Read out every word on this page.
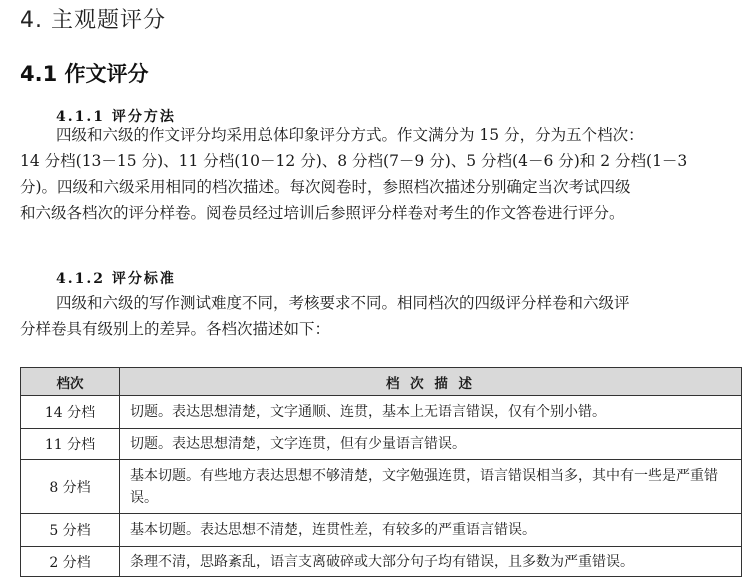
4. 主观题评分
4.1 作文评分
4.1.1 评分方法
四级和六级的作文评分均采用总体印象评分方式。作文满分为 15 分，分为五个档次：
14 分档(13－15 分)、11 分档(10－12 分)、8 分档(7－9 分)、5 分档(4－6 分)和 2 分档(1－3
分)。四级和六级采用相同的档次描述。每次阅卷时，参照档次描述分别确定当次考试四级
和六级各档次的评分样卷。阅卷员经过培训后参照评分样卷对考生的作文答卷进行评分。
4.1.2 评分标准
四级和六级的写作测试难度不同，考核要求不同。相同档次的四级评分样卷和六级评
分样卷具有级别上的差异。各档次描述如下：
档次	档 次 描 述
14 分档	切题。表达思想清楚，文字通顺、连贯，基本上无语言错误，仅有个别小错。
11 分档	切题。表达思想清楚，文字连贯，但有少量语言错误。
8 分档	基本切题。有些地方表达思想不够清楚，文字勉强连贯，语言错误相当多，其中有一些是严重错误。
5 分档	基本切题。表达思想不清楚，连贯性差，有较多的严重语言错误。
2 分档	条理不清，思路紊乱，语言支离破碎或大部分句子均有错误，且多数为严重错误。
